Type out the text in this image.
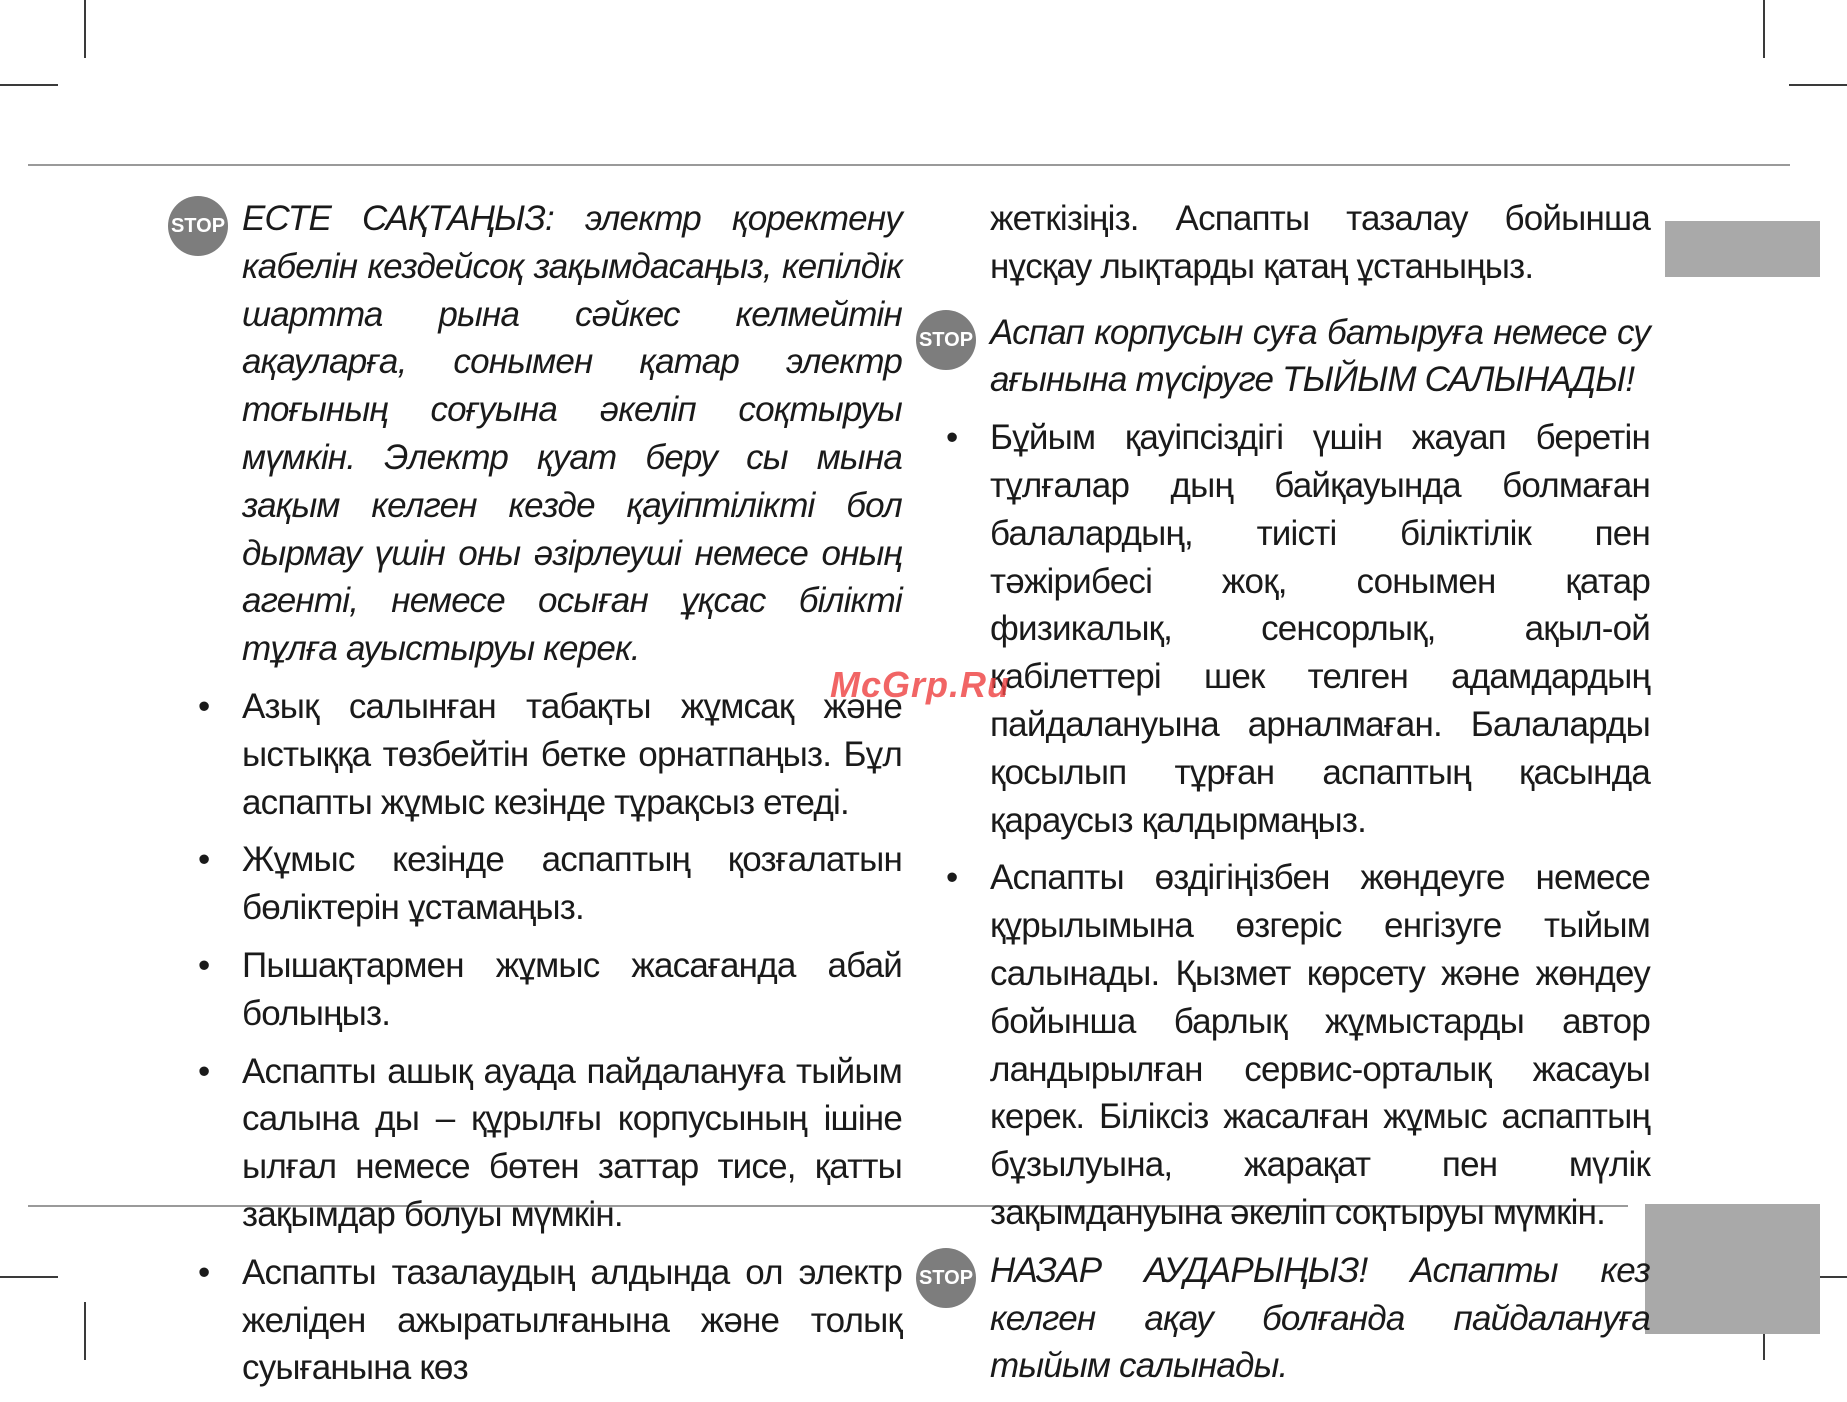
STOP ЕСТЕ САҚТАҢЫЗ: электр қоректену кабелін кездейсоқ зақымдасаңыз, кепілдік шартта рына сәйкес келмейтін ақауларға, сонымен қатар электр тоғының соғуына әкеліп соқтыруы мүмкін. Электр қуат беру сы мына зақым келген кезде қауіптілікті бол дырмау үшін оны әзірлеуші немесе оның агенті, немесе осыған ұқсас білікті тұлға ауыстыруы керек.

• Азық салынған табақты жұмсақ және ыстыққа төзбейтін бетке орнатпаңыз. Бұл аспапты жұмыс кезінде тұрақсыз етеді.

• Жұмыс кезінде аспаптың қозғалатын бөліктерін ұстамаңыз.

• Пышақтармен жұмыс жасағанда абай болыңыз.

• Аспапты ашық ауада пайдалануға тыйым салына ды – құрылғы корпусының ішіне ылғал немесе бөтен заттар тисе, қатты зақымдар болуы мүмкін.

• Аспапты тазалаудың алдында ол электр желіден ажыратылғанына және толық суығанына көз

жеткізіңіз. Аспапты тазалау бойынша нұсқау лықтарды қатаң ұстаныңыз.

STOP Аспап корпусын суға батыруға немесе су ағынына түсіруге ТЫЙЫМ САЛЫНАДЫ!

• Бұйым қауіпсіздігі үшін жауап беретін тұлғалар дың байқауында болмаған балалардың, тиісті біліктілік пен тәжірибесі жоқ, сонымен қатар физикалық, сенсорлық, ақыл-ой қабілеттері шек телген адамдардың пайдалануына арналмаған. Балаларды қосылып тұрған аспаптың қасында қараусыз қалдырмаңыз.

• Аспапты өздігіңізбен жөндеуге немесе құрылымына өзгеріс енгізуге тыйым салынады. Қызмет көрсету және жөндеу бойынша барлық жұмыстарды автор ландырылған сервис-орталық жасауы керек. Біліксіз жасалған жұмыс аспаптың бұзылуына, жарақат пен мүлік зақымдануына әкеліп соқтыруы мүмкін.

STOP НАЗАР АУДАРЫҢЫЗ! Аспапты кез келген ақау болғанда пайдалануға тыйым салынады.

McGrp.Ru
